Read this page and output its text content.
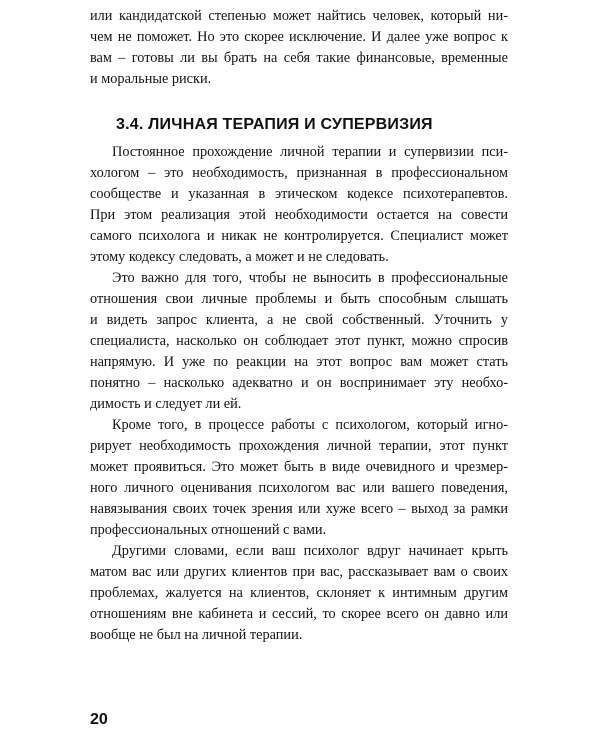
или кандидатской степенью может найтись человек, который ни-
чем не поможет. Но это скорее исключение. И далее уже вопрос к
вам – готовы ли вы брать на себя такие финансовые, временные
и моральные риски.
3.4. ЛИЧНАЯ ТЕРАПИЯ И СУПЕРВИЗИЯ
Постоянное прохождение личной терапии и супервизии пси-
хологом – это необходимость, признанная в профессиональном
сообществе и указанная в этическом кодексе психотерапевтов.
При этом реализация этой необходимости остается на совести
самого психолога и никак не контролируется. Специалист может
этому кодексу следовать, а может и не следовать.
Это важно для того, чтобы не выносить в профессиональные
отношения свои личные проблемы и быть способным слышать
и видеть запрос клиента, а не свой собственный. Уточнить у
специалиста, насколько он соблюдает этот пункт, можно спросив
напрямую. И уже по реакции на этот вопрос вам может стать
понятно – насколько адекватно и он воспринимает эту необхо-
димость и следует ли ей.
Кроме того, в процессе работы с психологом, который игно-
рирует необходимость прохождения личной терапии, этот пункт
может проявиться. Это может быть в виде очевидного и чрезмер-
ного личного оценивания психологом вас или вашего поведения,
навязывания своих точек зрения или хуже всего – выход за рамки
профессиональных отношений с вами.
Другими словами, если ваш психолог вдруг начинает крыть
матом вас или других клиентов при вас, рассказывает вам о своих
проблемах, жалуется на клиентов, склоняет к интимным другим
отношениям вне кабинета и сессий, то скорее всего он давно или
вообще не был на личной терапии.
20
